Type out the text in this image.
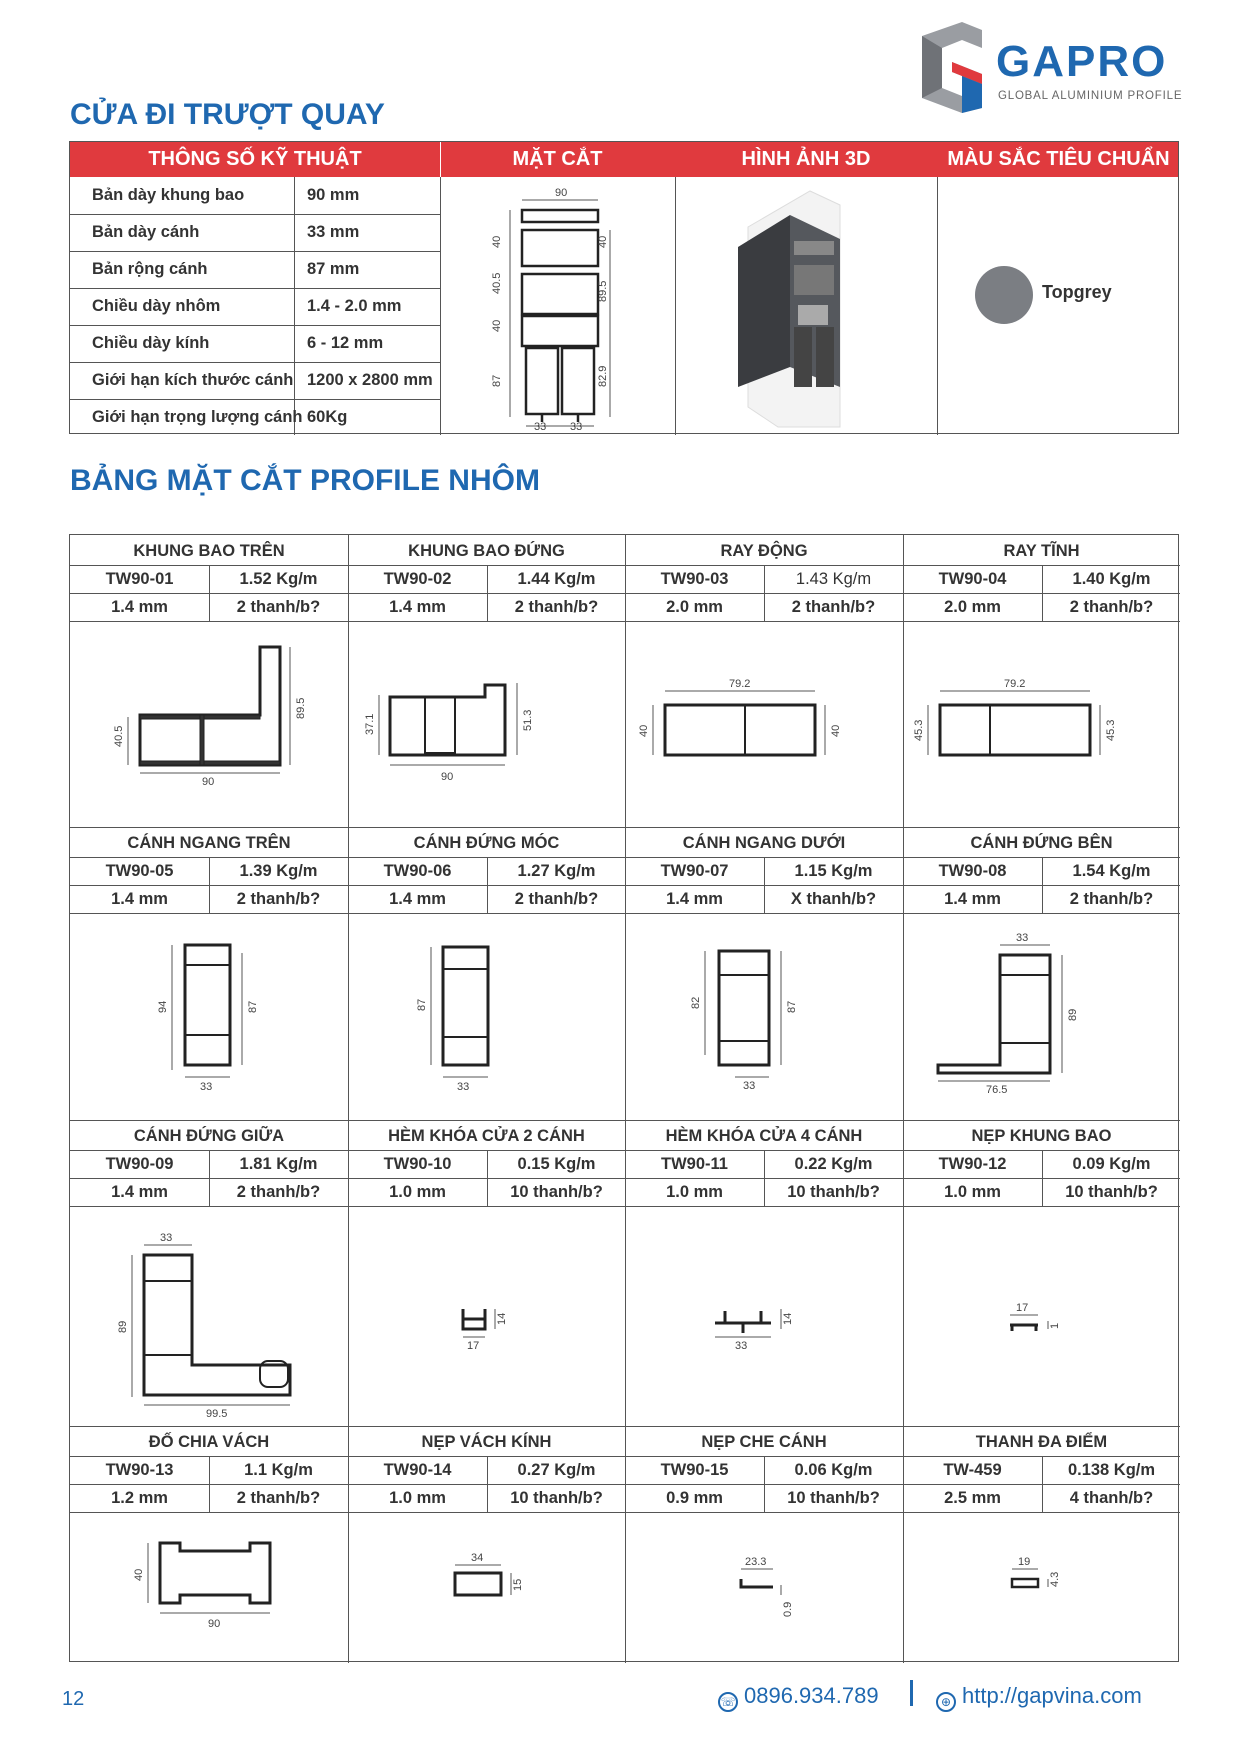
GAPRO
GLOBAL ALUMINIUM PROFILE
CỬA ĐI TRƯỢT QUAY
THÔNG SỐ KỸ THUẬT	MẶT CẮT	HÌNH ẢNH 3D	MÀU SẮC TIÊU CHUẨN
Bản dày khung bao	90 mm
Bản dày cánh	33 mm
Bản rộng cánh	87 mm
Chiều dày nhôm	1.4 - 2.0 mm
Chiều dày kính	6 - 12 mm
Giới hạn kích thước cánh 1200 x 2800 mm
Giới hạn trọng lượng cánh 60Kg
90
40
40.5
40
87
40
89.5
82.9
33 33
Topgrey
BẢNG MẶT CẮT PROFILE NHÔM
40.5
89.5
90
37.1	51.3
90
79.2
40	40
79.2
45.3	45.3
94	87
33
87
33
82	87
33
33
89
76.5
33
89
99.5
14
17
14
33
17
1
40
90
34
15
23.3
0.9
19
4.3
KHUNG BAO TRÊN
TW90-01	1.52 Kg/m
1.4 mm	2 thanh/b?
KHUNG BAO ĐỨNG
TW90-02	1.44 Kg/m
1.4 mm	2 thanh/b?
RAY ĐỘNG
TW90-03	1.43 Kg/m
2.0 mm	2 thanh/b?
RAY TĨNH
TW90-04	1.40 Kg/m
2.0 mm	2 thanh/b?
CÁNH NGANG TRÊN
TW90-05	1.39 Kg/m
1.4 mm	2 thanh/b?
CÁNH ĐỨNG MÓC
TW90-06	1.27 Kg/m
1.4 mm	2 thanh/b?
CÁNH NGANG DƯỚI
TW90-07	1.15 Kg/m
1.4 mm	X thanh/b?
CÁNH ĐỨNG BÊN
TW90-08	1.54 Kg/m
1.4 mm	2 thanh/b?
CÁNH ĐỨNG GIỮA
TW90-09	1.81 Kg/m
1.4 mm	2 thanh/b?
HÈM KHÓA CỬA 2 CÁNH
TW90-10	0.15 Kg/m
1.0 mm	10 thanh/b?
HÈM KHÓA CỬA 4 CÁNH
TW90-11	0.22 Kg/m
1.0 mm	10 thanh/b?
NẸP KHUNG BAO
TW90-12	0.09 Kg/m
1.0 mm	10 thanh/b?
ĐỐ CHIA VÁCH
TW90-13	1.1 Kg/m
1.2 mm	2 thanh/b?
NẸP VÁCH KÍNH
TW90-14	0.27 Kg/m
1.0 mm	10 thanh/b?
NẸP CHE CÁNH
TW90-15	0.06 Kg/m
0.9 mm	10 thanh/b?
THANH ĐA ĐIỂM
TW-459	0.138 Kg/m
2.5 mm	4 thanh/b?
12	☏ 0896.934.789	⊕ http://gapvina.com
